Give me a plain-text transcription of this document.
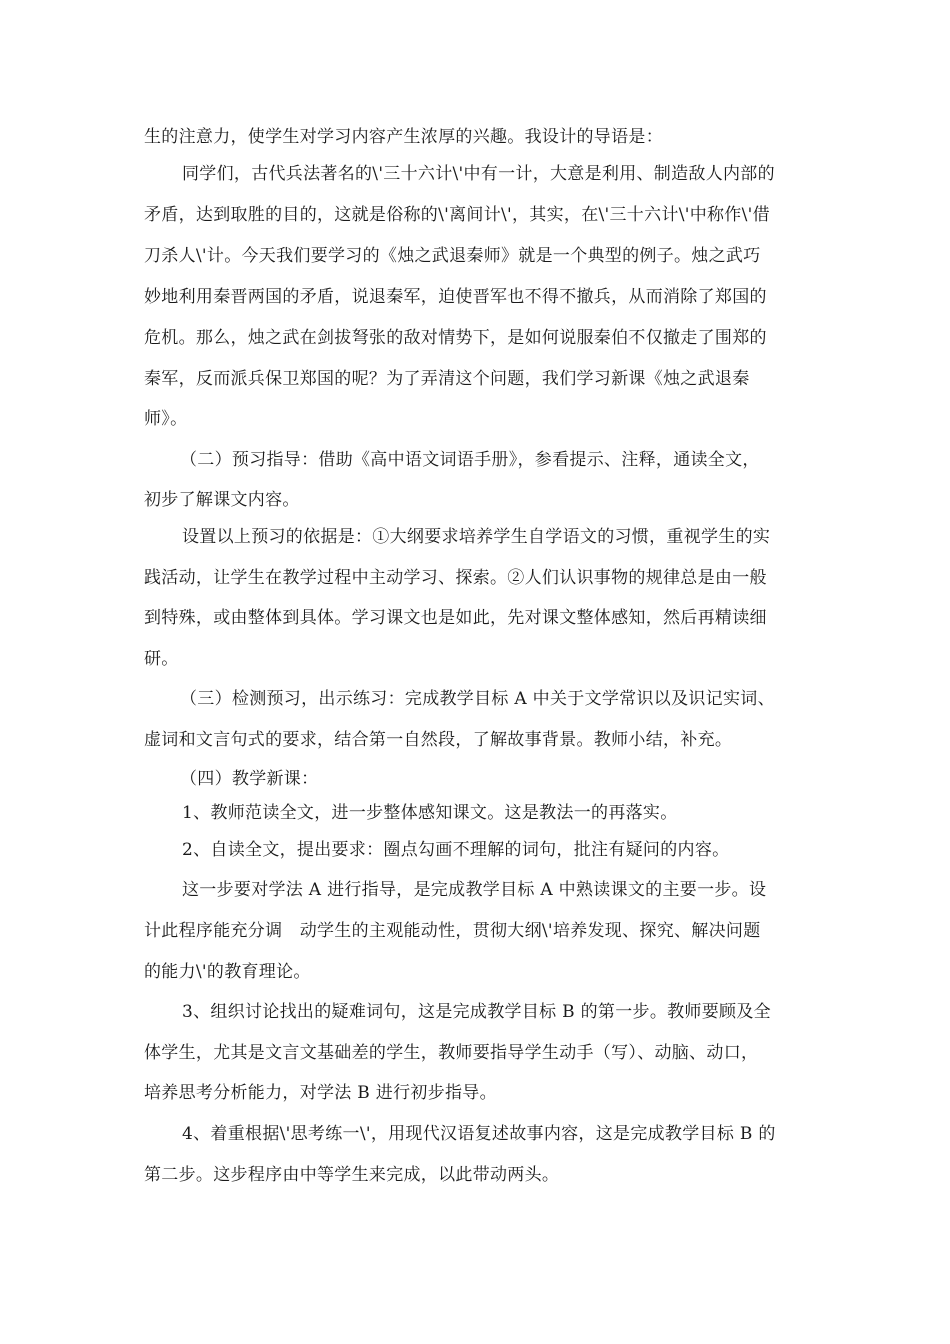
生的注意力，使学生对学习内容产生浓厚的兴趣。我设计的导语是：
同学们，古代兵法著名的\'三十六计\'中有一计，大意是利用、制造敌人内部的
矛盾，达到取胜的目的，这就是俗称的\'离间计\'，其实，在\'三十六计\'中称作\'借
刀杀人\'计。今天我们要学习的《烛之武退秦师》就是一个典型的例子。烛之武巧
妙地利用秦晋两国的矛盾，说退秦军，迫使晋军也不得不撤兵，从而消除了郑国的
危机。那么，烛之武在剑拔弩张的敌对情势下，是如何说服秦伯不仅撤走了围郑的
秦军，反而派兵保卫郑国的呢？为了弄清这个问题，我们学习新课《烛之武退秦
师》。
（二）预习指导：借助《高中语文词语手册》，参看提示、注释，通读全文，
初步了解课文内容。
设置以上预习的依据是：①大纲要求培养学生自学语文的习惯，重视学生的实
践活动，让学生在教学过程中主动学习、探索。②人们认识事物的规律总是由一般
到特殊，或由整体到具体。学习课文也是如此，先对课文整体感知，然后再精读细
研。
（三）检测预习，出示练习：完成教学目标 A 中关于文学常识以及识记实词、
虚词和文言句式的要求，结合第一自然段，了解故事背景。教师小结，补充。
（四）教学新课：
1、教师范读全文，进一步整体感知课文。这是教法一的再落实。
2、自读全文，提出要求：圈点勾画不理解的词句，批注有疑问的内容。
这一步要对学法 A 进行指导，是完成教学目标 A 中熟读课文的主要一步。设
计此程序能充分调　动学生的主观能动性，贯彻大纲\'培养发现、探究、解决问题
的能力\'的教育理论。
3、组织讨论找出的疑难词句，这是完成教学目标 B 的第一步。教师要顾及全
体学生，尤其是文言文基础差的学生，教师要指导学生动手（写）、动脑、动口，
培养思考分析能力，对学法 B 进行初步指导。
4、着重根据\'思考练一\'，用现代汉语复述故事内容，这是完成教学目标 B 的
第二步。这步程序由中等学生来完成，以此带动两头。
